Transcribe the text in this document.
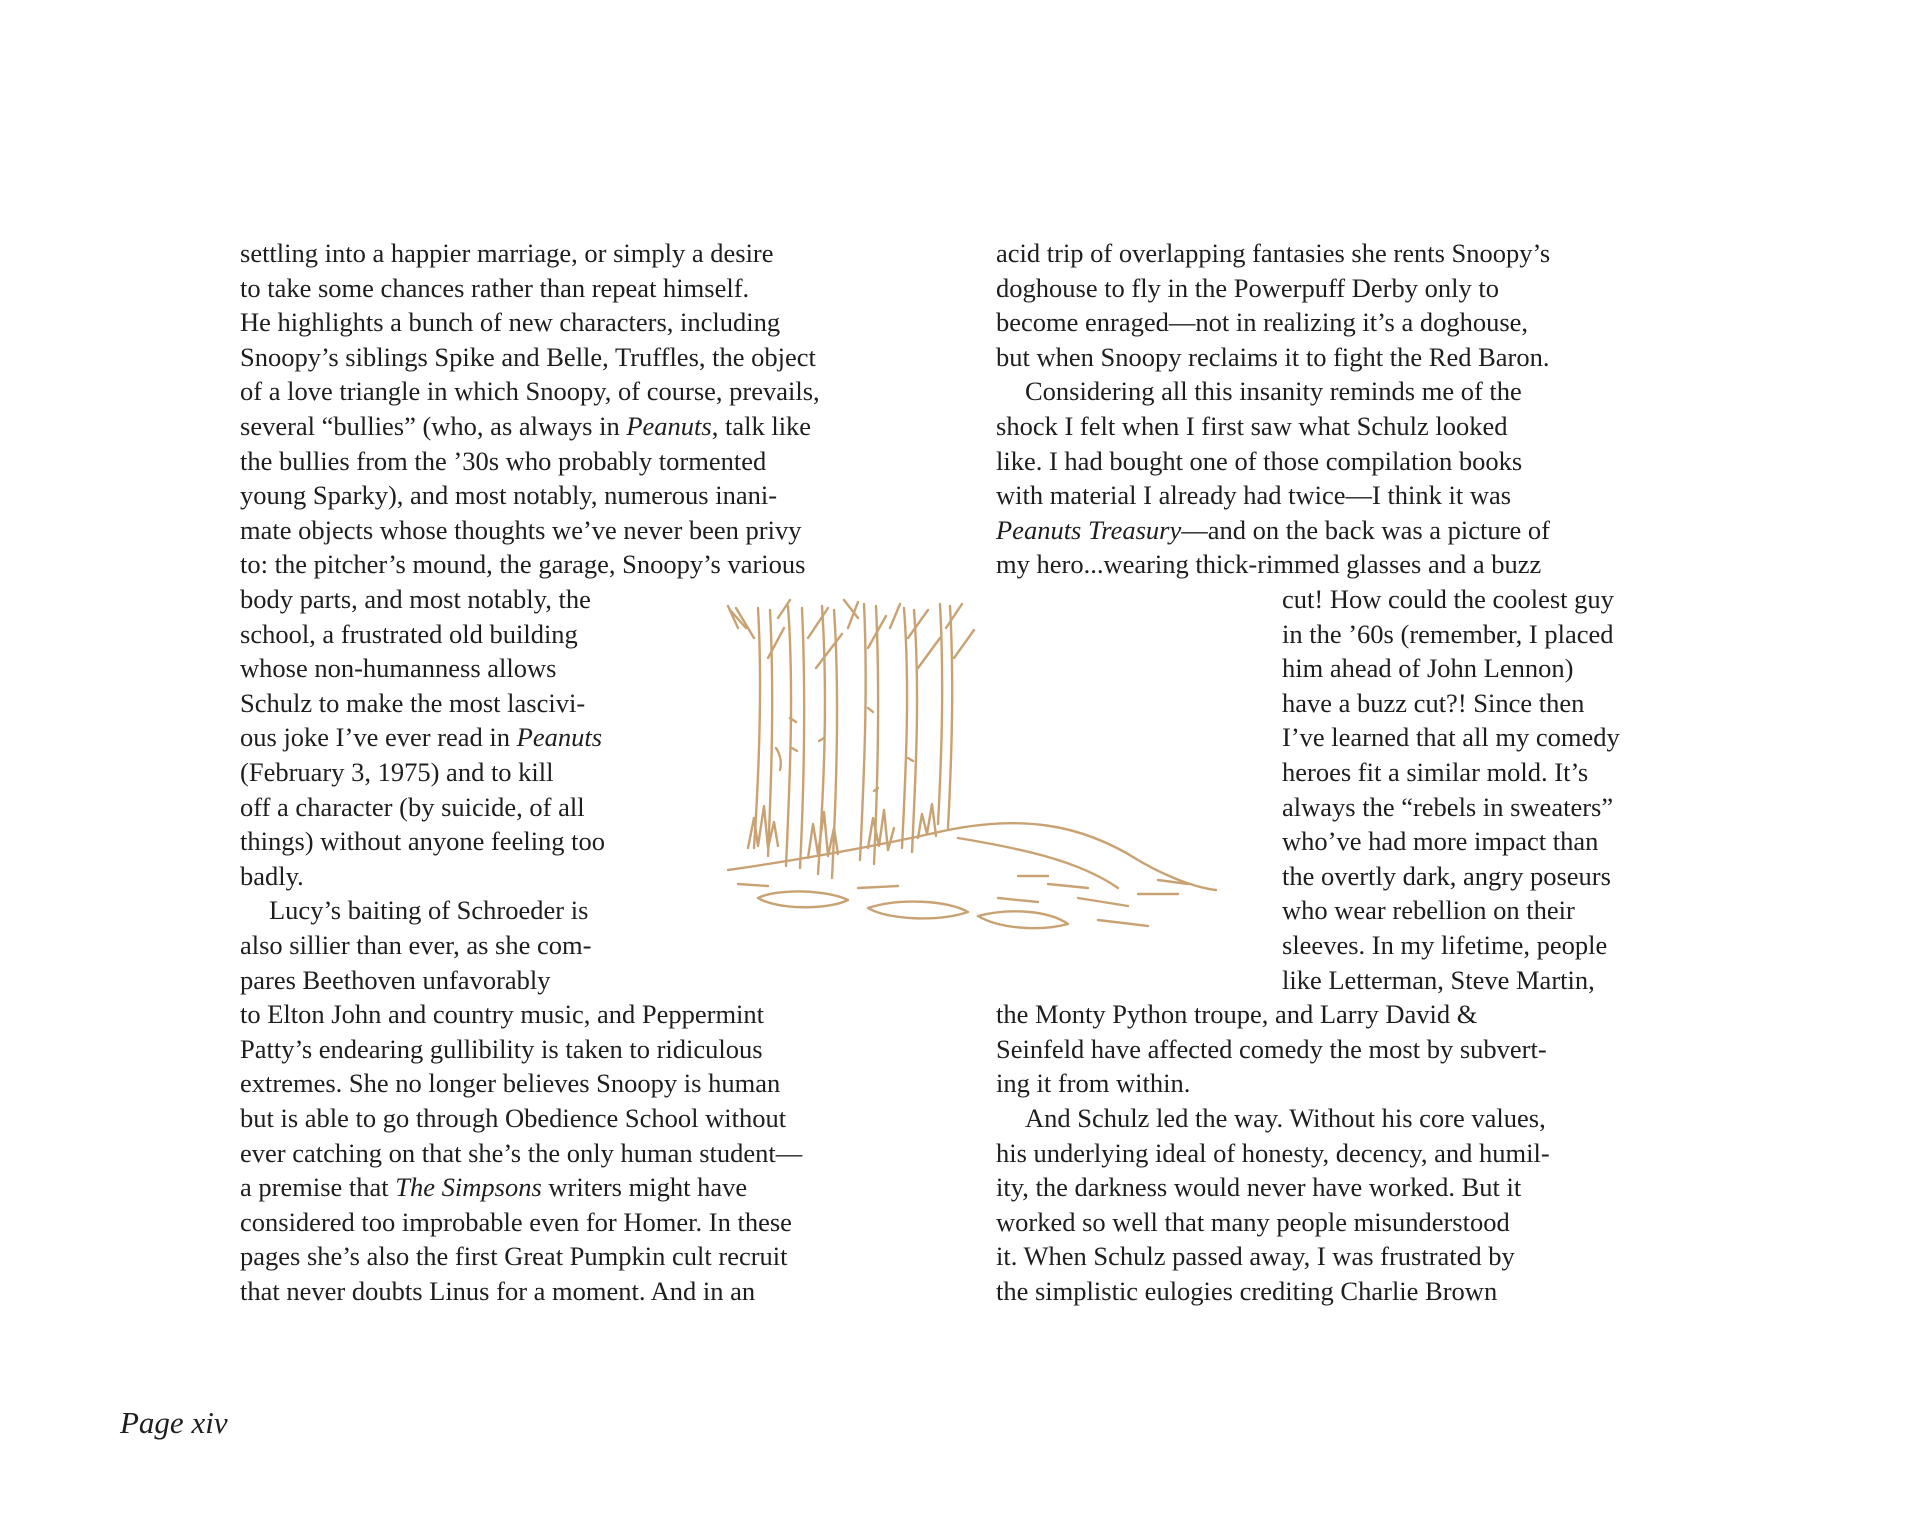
settling into a happier marriage, or simply a desire
to take some chances rather than repeat himself.
He highlights a bunch of new characters, including
Snoopy’s siblings Spike and Belle, Truffles, the object
of a love triangle in which Snoopy, of course, prevails,
several “bullies” (who, as always in Peanuts, talk like
the bullies from the ’30s who probably tormented
young Sparky), and most notably, numerous inani-
mate objects whose thoughts we’ve never been privy
to: the pitcher’s mound, the garage, Snoopy’s various
body parts, and most notably, the
school, a frustrated old building
whose non-humanness allows
Schulz to make the most lascivi-
ous joke I’ve ever read in Peanuts
(February 3, 1975) and to kill
off a character (by suicide, of all
things) without anyone feeling too
badly.
Lucy’s baiting of Schroeder is
also sillier than ever, as she com-
pares Beethoven unfavorably
to Elton John and country music, and Peppermint
Patty’s endearing gullibility is taken to ridiculous
extremes. She no longer believes Snoopy is human
but is able to go through Obedience School without
ever catching on that she’s the only human student—
a premise that The Simpsons writers might have
considered too improbable even for Homer. In these
pages she’s also the first Great Pumpkin cult recruit
that never doubts Linus for a moment. And in an
acid trip of overlapping fantasies she rents Snoopy’s
doghouse to fly in the Powerpuff Derby only to
become enraged—not in realizing it’s a doghouse,
but when Snoopy reclaims it to fight the Red Baron.
Considering all this insanity reminds me of the
shock I felt when I first saw what Schulz looked
like. I had bought one of those compilation books
with material I already had twice—I think it was
Peanuts Treasury—and on the back was a picture of
my hero...wearing thick-rimmed glasses and a buzz
cut! How could the coolest guy
in the ’60s (remember, I placed
him ahead of John Lennon)
have a buzz cut?! Since then
I’ve learned that all my comedy
heroes fit a similar mold. It’s
always the “rebels in sweaters”
who’ve had more impact than
the overtly dark, angry poseurs
who wear rebellion on their
sleeves. In my lifetime, people
like Letterman, Steve Martin,
the Monty Python troupe, and Larry David &
Seinfeld have affected comedy the most by subvert-
ing it from within.
And Schulz led the way. Without his core values,
his underlying ideal of honesty, decency, and humil-
ity, the darkness would never have worked. But it
worked so well that many people misunderstood
it. When Schulz passed away, I was frustrated by
the simplistic eulogies crediting Charlie Brown
Page xiv
